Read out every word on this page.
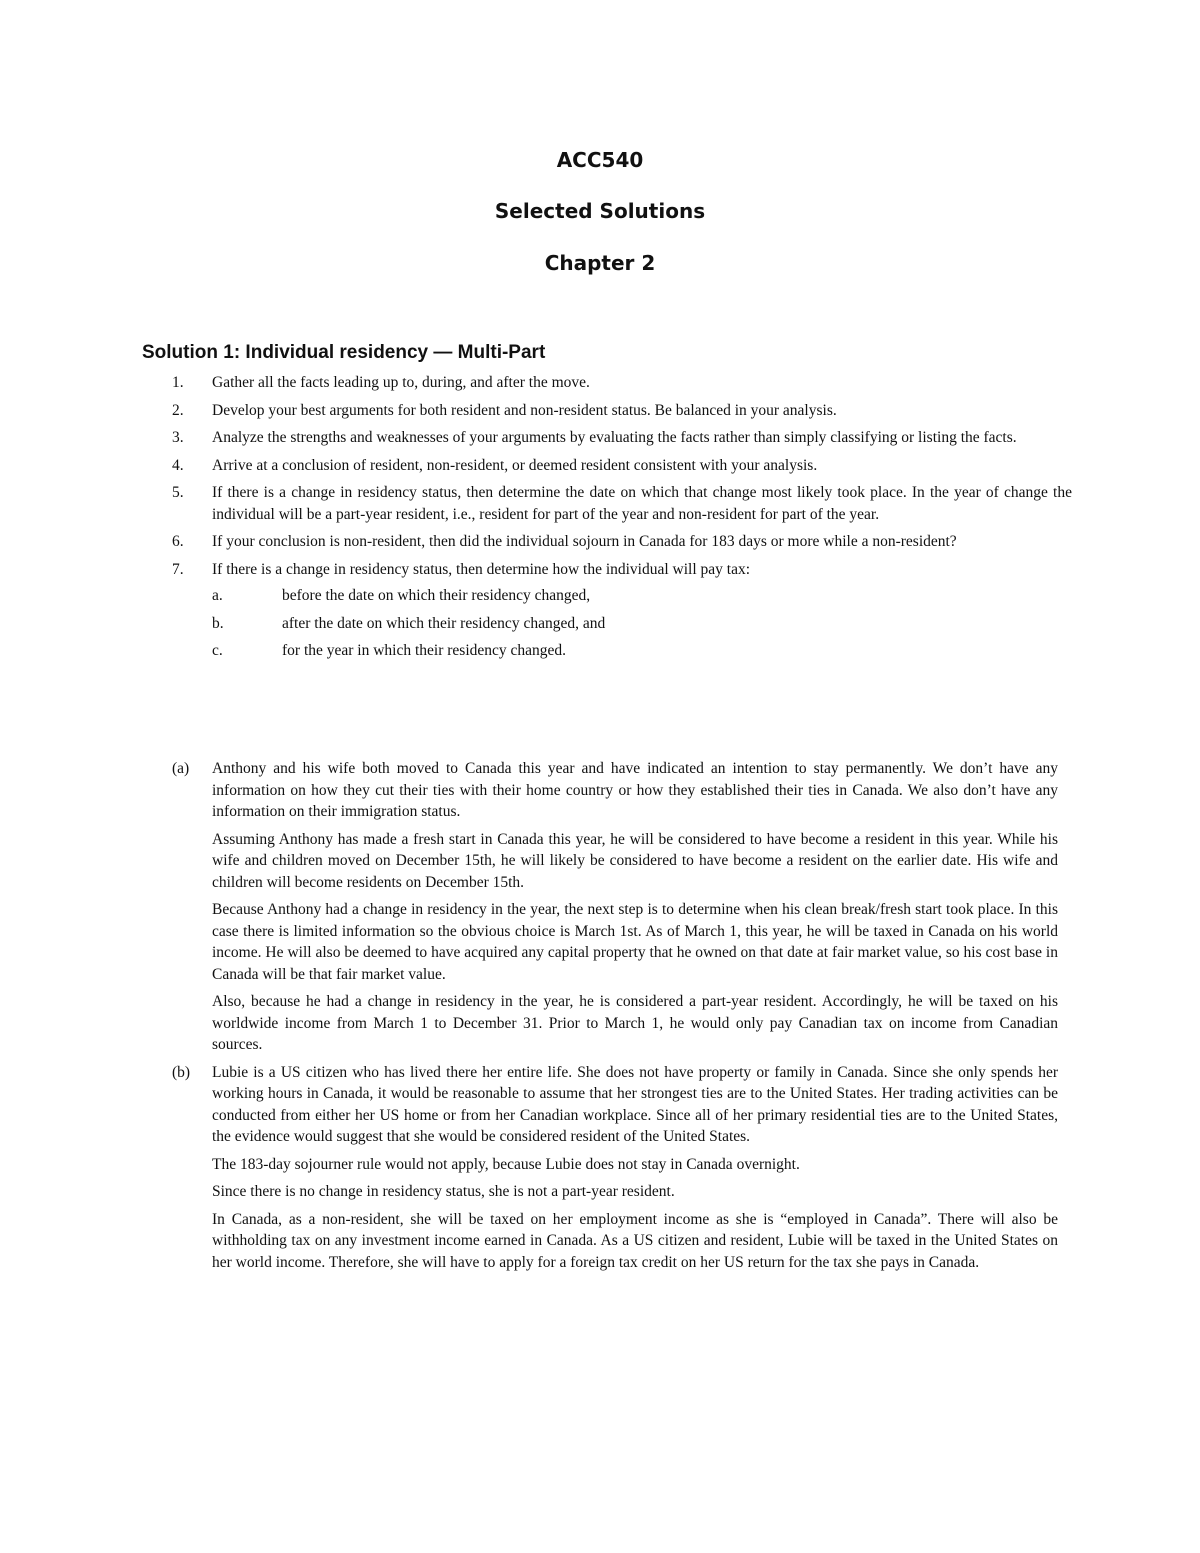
ACC540
Selected Solutions
Chapter 2
Solution 1: Individual residency — Multi-Part
1.	Gather all the facts leading up to, during, and after the move.
2.	Develop your best arguments for both resident and non-resident status. Be balanced in your analysis.
3.	Analyze the strengths and weaknesses of your arguments by evaluating the facts rather than simply classifying or listing the facts.
4.	Arrive at a conclusion of resident, non-resident, or deemed resident consistent with your analysis.
5.	If there is a change in residency status, then determine the date on which that change most likely took place. In the year of change the individual will be a part-year resident, i.e., resident for part of the year and non-resident for part of the year.
6.	If your conclusion is non-resident, then did the individual sojourn in Canada for 183 days or more while a non-resident?
7.	If there is a change in residency status, then determine how the individual will pay tax:
a.	before the date on which their residency changed,
b.	after the date on which their residency changed, and
c.	for the year in which their residency changed.
(a) Anthony and his wife both moved to Canada this year and have indicated an intention to stay permanently. We don’t have any information on how they cut their ties with their home country or how they established their ties in Canada. We also don’t have any information on their immigration status.

Assuming Anthony has made a fresh start in Canada this year, he will be considered to have become a resident in this year. While his wife and children moved on December 15th, he will likely be considered to have become a resident on the earlier date. His wife and children will become residents on December 15th.

Because Anthony had a change in residency in the year, the next step is to determine when his clean break/fresh start took place. In this case there is limited information so the obvious choice is March 1st. As of March 1, this year, he will be taxed in Canada on his world income. He will also be deemed to have acquired any capital property that he owned on that date at fair market value, so his cost base in Canada will be that fair market value.

Also, because he had a change in residency in the year, he is considered a part-year resident. Accordingly, he will be taxed on his worldwide income from March 1 to December 31. Prior to March 1, he would only pay Canadian tax on income from Canadian sources.

(b) Lubie is a US citizen who has lived there her entire life. She does not have property or family in Canada. Since she only spends her working hours in Canada, it would be reasonable to assume that her strongest ties are to the United States. Her trading activities can be conducted from either her US home or from her Canadian workplace. Since all of her primary residential ties are to the United States, the evidence would suggest that she would be considered resident of the United States.

The 183-day sojourner rule would not apply, because Lubie does not stay in Canada overnight.

Since there is no change in residency status, she is not a part-year resident.

In Canada, as a non-resident, she will be taxed on her employment income as she is “employed in Canada”. There will also be withholding tax on any investment income earned in Canada. As a US citizen and resident, Lubie will be taxed in the United States on her world income. Therefore, she will have to apply for a foreign tax credit on her US return for the tax she pays in Canada.
